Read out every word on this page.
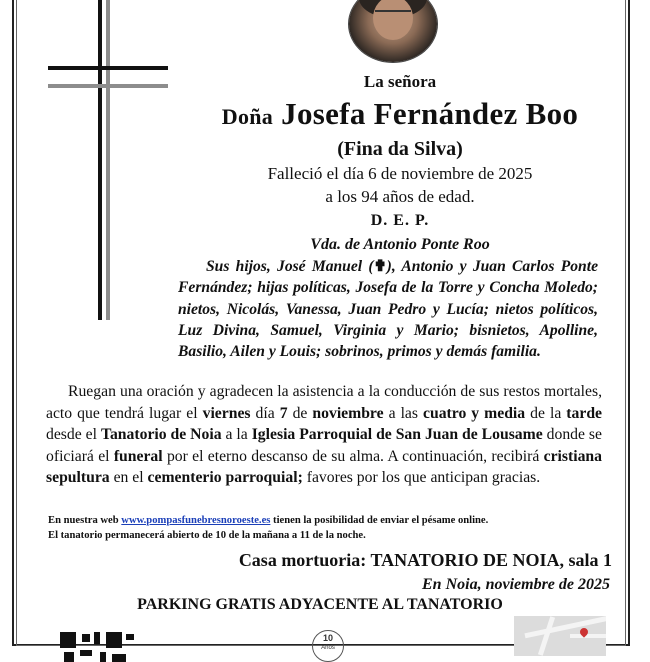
La señora
Doña Josefa Fernández Boo
(Fina da Silva)
Falleció el día 6 de noviembre de 2025
a los 94 años de edad.
D. E. P.
Vda. de Antonio Ponte Roo
Sus hijos, José Manuel (✟), Antonio y Juan Carlos Ponte Fernández; hijas políticas, Josefa de la Torre y Concha Moledo; nietos, Nicolás, Vanessa, Juan Pedro y Lucía; nietos políticos, Luz Divina, Samuel, Virginia y Mario; bisnietos, Apolline, Basilio, Ailen y Louis; sobrinos, primos y demás familia.
Ruegan una oración y agradecen la asistencia a la conducción de sus restos mortales, acto que tendrá lugar el viernes día 7 de noviembre a las cuatro y media de la tarde desde el Tanatorio de Noia a la Iglesia Parroquial de San Juan de Lousame donde se oficiará el funeral por el eterno descanso de su alma. A continuación, recibirá cristiana sepultura en el cementerio parroquial; favores por los que anticipan gracias.
En nuestra web www.pompasfunebresnoroeste.es tienen la posibilidad de enviar el pésame online.
El tanatorio permanecerá abierto de 10 de la mañana a 11 de la noche.
Casa mortuoria: TANATORIO DE NOIA, sala 1
En Noia, noviembre de 2025
PARKING GRATIS ADYACENTE AL TANATORIO
10
Años
